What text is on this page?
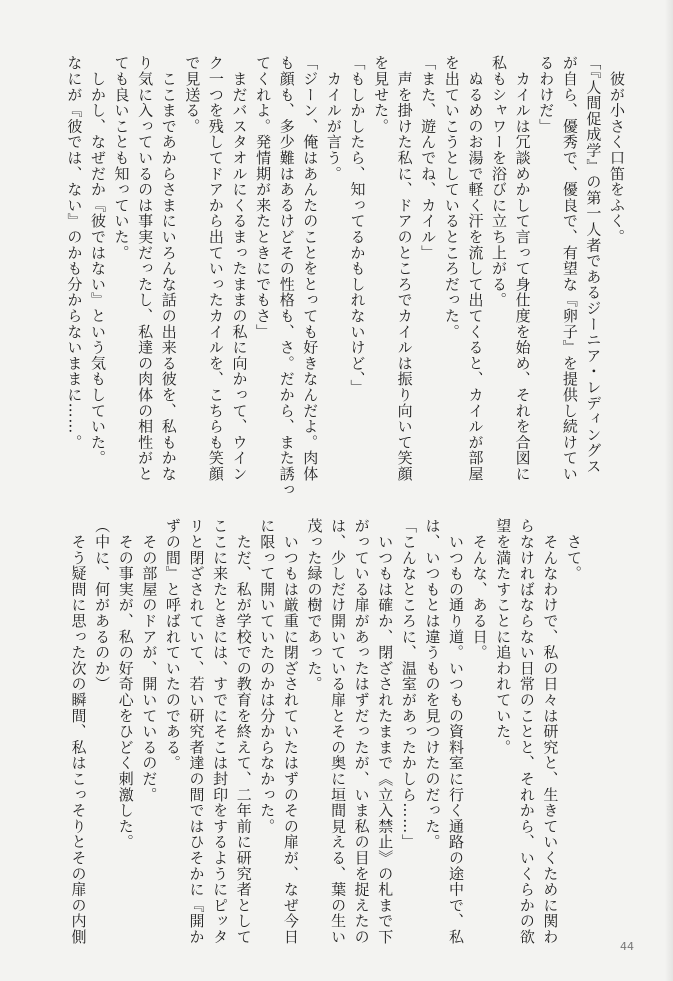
　彼が小さく口笛をふく。
「『人間促成学』の第一人者であるジーニア・レディングス
が自ら、優秀で、優良で、有望な『卵子』を提供し続けてい
るわけだ」
　カイルは冗談めかして言って身仕度を始め、それを合図に
私もシャワーを浴びに立ち上がる。
　ぬるめのお湯で軽く汗を流して出てくると、カイルが部屋
を出ていこうとしているところだった。
「また、遊んでね、カイル」
　声を掛けた私に、ドアのところでカイルは振り向いて笑顔
を見せた。
「もしかしたら、知ってるかもしれないけど、」
　カイルが言う。
「ジーン、俺はあんたのことをとっても好きなんだよ。肉体
も顔も、多少難はあるけどその性格も、さ。だから、また誘っ
てくれよ。発情期が来たときにでもさ」
　まだバスタオルにくるまったままの私に向かって、ウイン
ク一つを残してドアから出ていったカイルを、こちらも笑顔
で見送る。
　ここまであからさまにいろんな話の出来る彼を、私もかな
り気に入っているのは事実だったし、私達の肉体の相性がと
ても良いことも知っていた。
　しかし、なぜだか『彼ではない』という気もしていた。
なにが『彼では、ない』のかも分からないままに……。
　さて。
　そんなわけで、私の日々は研究と、生きていくために関わ
らなければならない日常のことと、それから、いくらかの欲
望を満たすことに追われていた。
　そんな、ある日。
　いつもの通り道。いつもの資料室に行く通路の途中で、私
は、いつもとは違うものを見つけたのだった。
「こんなところに、温室があったかしら……」
　いつもは確か、閉ざされたままで《立入禁止》の札まで下
がっている扉があったはずだったが、いま私の目を捉えたの
は、少しだけ開いている扉とその奥に垣間見える、葉の生い
茂った緑の樹であった。
　いつもは厳重に閉ざされていたはずのその扉が、なぜ今日
に限って開いていたのかは分からなかった。
　ただ、私が学校での教育を終えて、二年前に研究者として
ここに来たときには、すでにそこは封印をするようにピッタ
リと閉ざされていて、若い研究者達の間ではひそかに『開か
ずの間』と呼ばれていたのである。
　その部屋のドアが、開いているのだ。
　その事実が、私の好奇心をひどく刺激した。
（中に、何があるのか）
　そう疑問に思った次の瞬間、私はこっそりとその扉の内側
44
